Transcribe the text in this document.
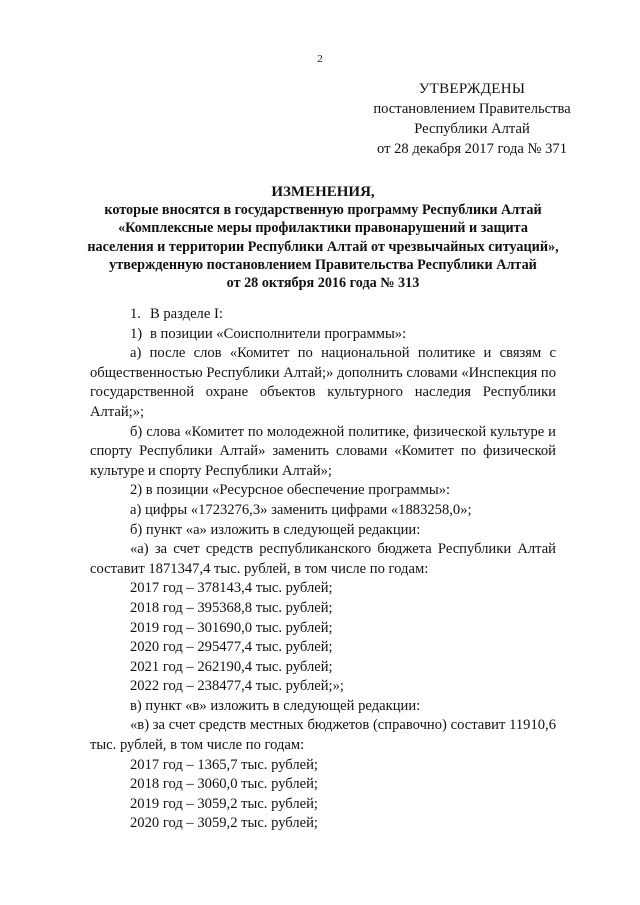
2
УТВЕРЖДЕНЫ
постановлением Правительства
Республики Алтай
от 28 декабря 2017 года № 371
ИЗМЕНЕНИЯ,
которые вносятся в государственную программу Республики Алтай
«Комплексные меры профилактики правонарушений и защита
населения и территории Республики Алтай от чрезвычайных ситуаций»,
утвержденную постановлением Правительства Республики Алтай
от 28 октября 2016 года № 313

1. В разделе I:

1) в позиции «Соисполнители программы»:

а) после слов «Комитет по национальной политике и связям с общественностью Республики Алтай;» дополнить словами «Инспекция по государственной охране объектов культурного наследия Республики Алтай;»;

б) слова «Комитет по молодежной политике, физической культуре и спорту Республики Алтай» заменить словами «Комитет по физической культуре и спорту Республики Алтай»;

2) в позиции «Ресурсное обеспечение программы»:

а) цифры «1723276,3» заменить цифрами «1883258,0»;

б) пункт «а» изложить в следующей редакции:

«а) за счет средств республиканского бюджета Республики Алтай составит 1871347,4 тыс. рублей, в том числе по годам:

2017 год – 378143,4 тыс. рублей;

2018 год – 395368,8 тыс. рублей;

2019 год – 301690,0 тыс. рублей;

2020 год – 295477,4 тыс. рублей;

2021 год – 262190,4 тыс. рублей;

2022 год – 238477,4 тыс. рублей;»;

в) пункт «в» изложить в следующей редакции:

«в) за счет средств местных бюджетов (справочно) составит 11910,6 тыс. рублей, в том числе по годам:

2017 год – 1365,7 тыс. рублей;

2018 год – 3060,0 тыс. рублей;

2019 год – 3059,2 тыс. рублей;

2020 год – 3059,2 тыс. рублей;
